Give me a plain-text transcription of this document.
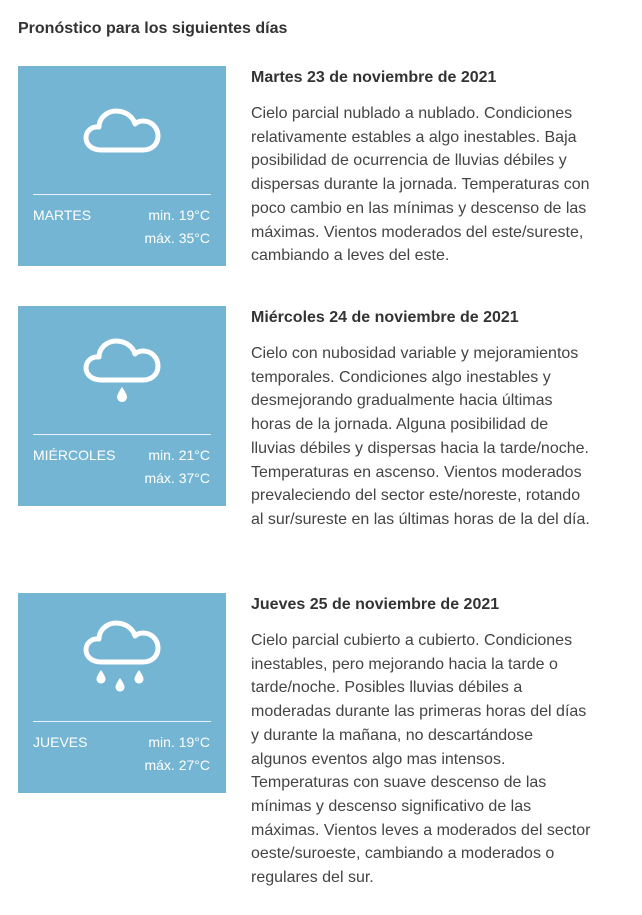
Pronóstico para los siguientes días
MARTES	min. 19°C
máx. 35°C
Martes 23 de noviembre de 2021

Cielo parcial nublado a nublado. Condiciones relativamente estables a algo inestables. Baja posibilidad de ocurrencia de lluvias débiles y dispersas durante la jornada. Temperaturas con poco cambio en las mínimas y descenso de las máximas. Vientos moderados del este/sureste, cambiando a leves del este.

MIÉRCOLES min. 21°C
máx. 37°C
Miércoles 24 de noviembre de 2021

Cielo con nubosidad variable y mejoramientos temporales. Condiciones algo inestables y desmejorando gradualmente hacia últimas horas de la jornada. Alguna posibilidad de lluvias débiles y dispersas hacia la tarde/noche. Temperaturas en ascenso. Vientos moderados prevaleciendo del sector este/noreste, rotando al sur/sureste en las últimas horas de la del día.

JUEVES	min. 19°C
máx. 27°C
Jueves 25 de noviembre de 2021

Cielo parcial cubierto a cubierto. Condiciones inestables, pero mejorando hacia la tarde o tarde/noche. Posibles lluvias débiles a moderadas durante las primeras horas del días y durante la mañana, no descartándose algunos eventos algo mas intensos. Temperaturas con suave descenso de las mínimas y descenso significativo de las máximas. Vientos leves a moderados del sector oeste/suroeste, cambiando a moderados o regulares del sur.
